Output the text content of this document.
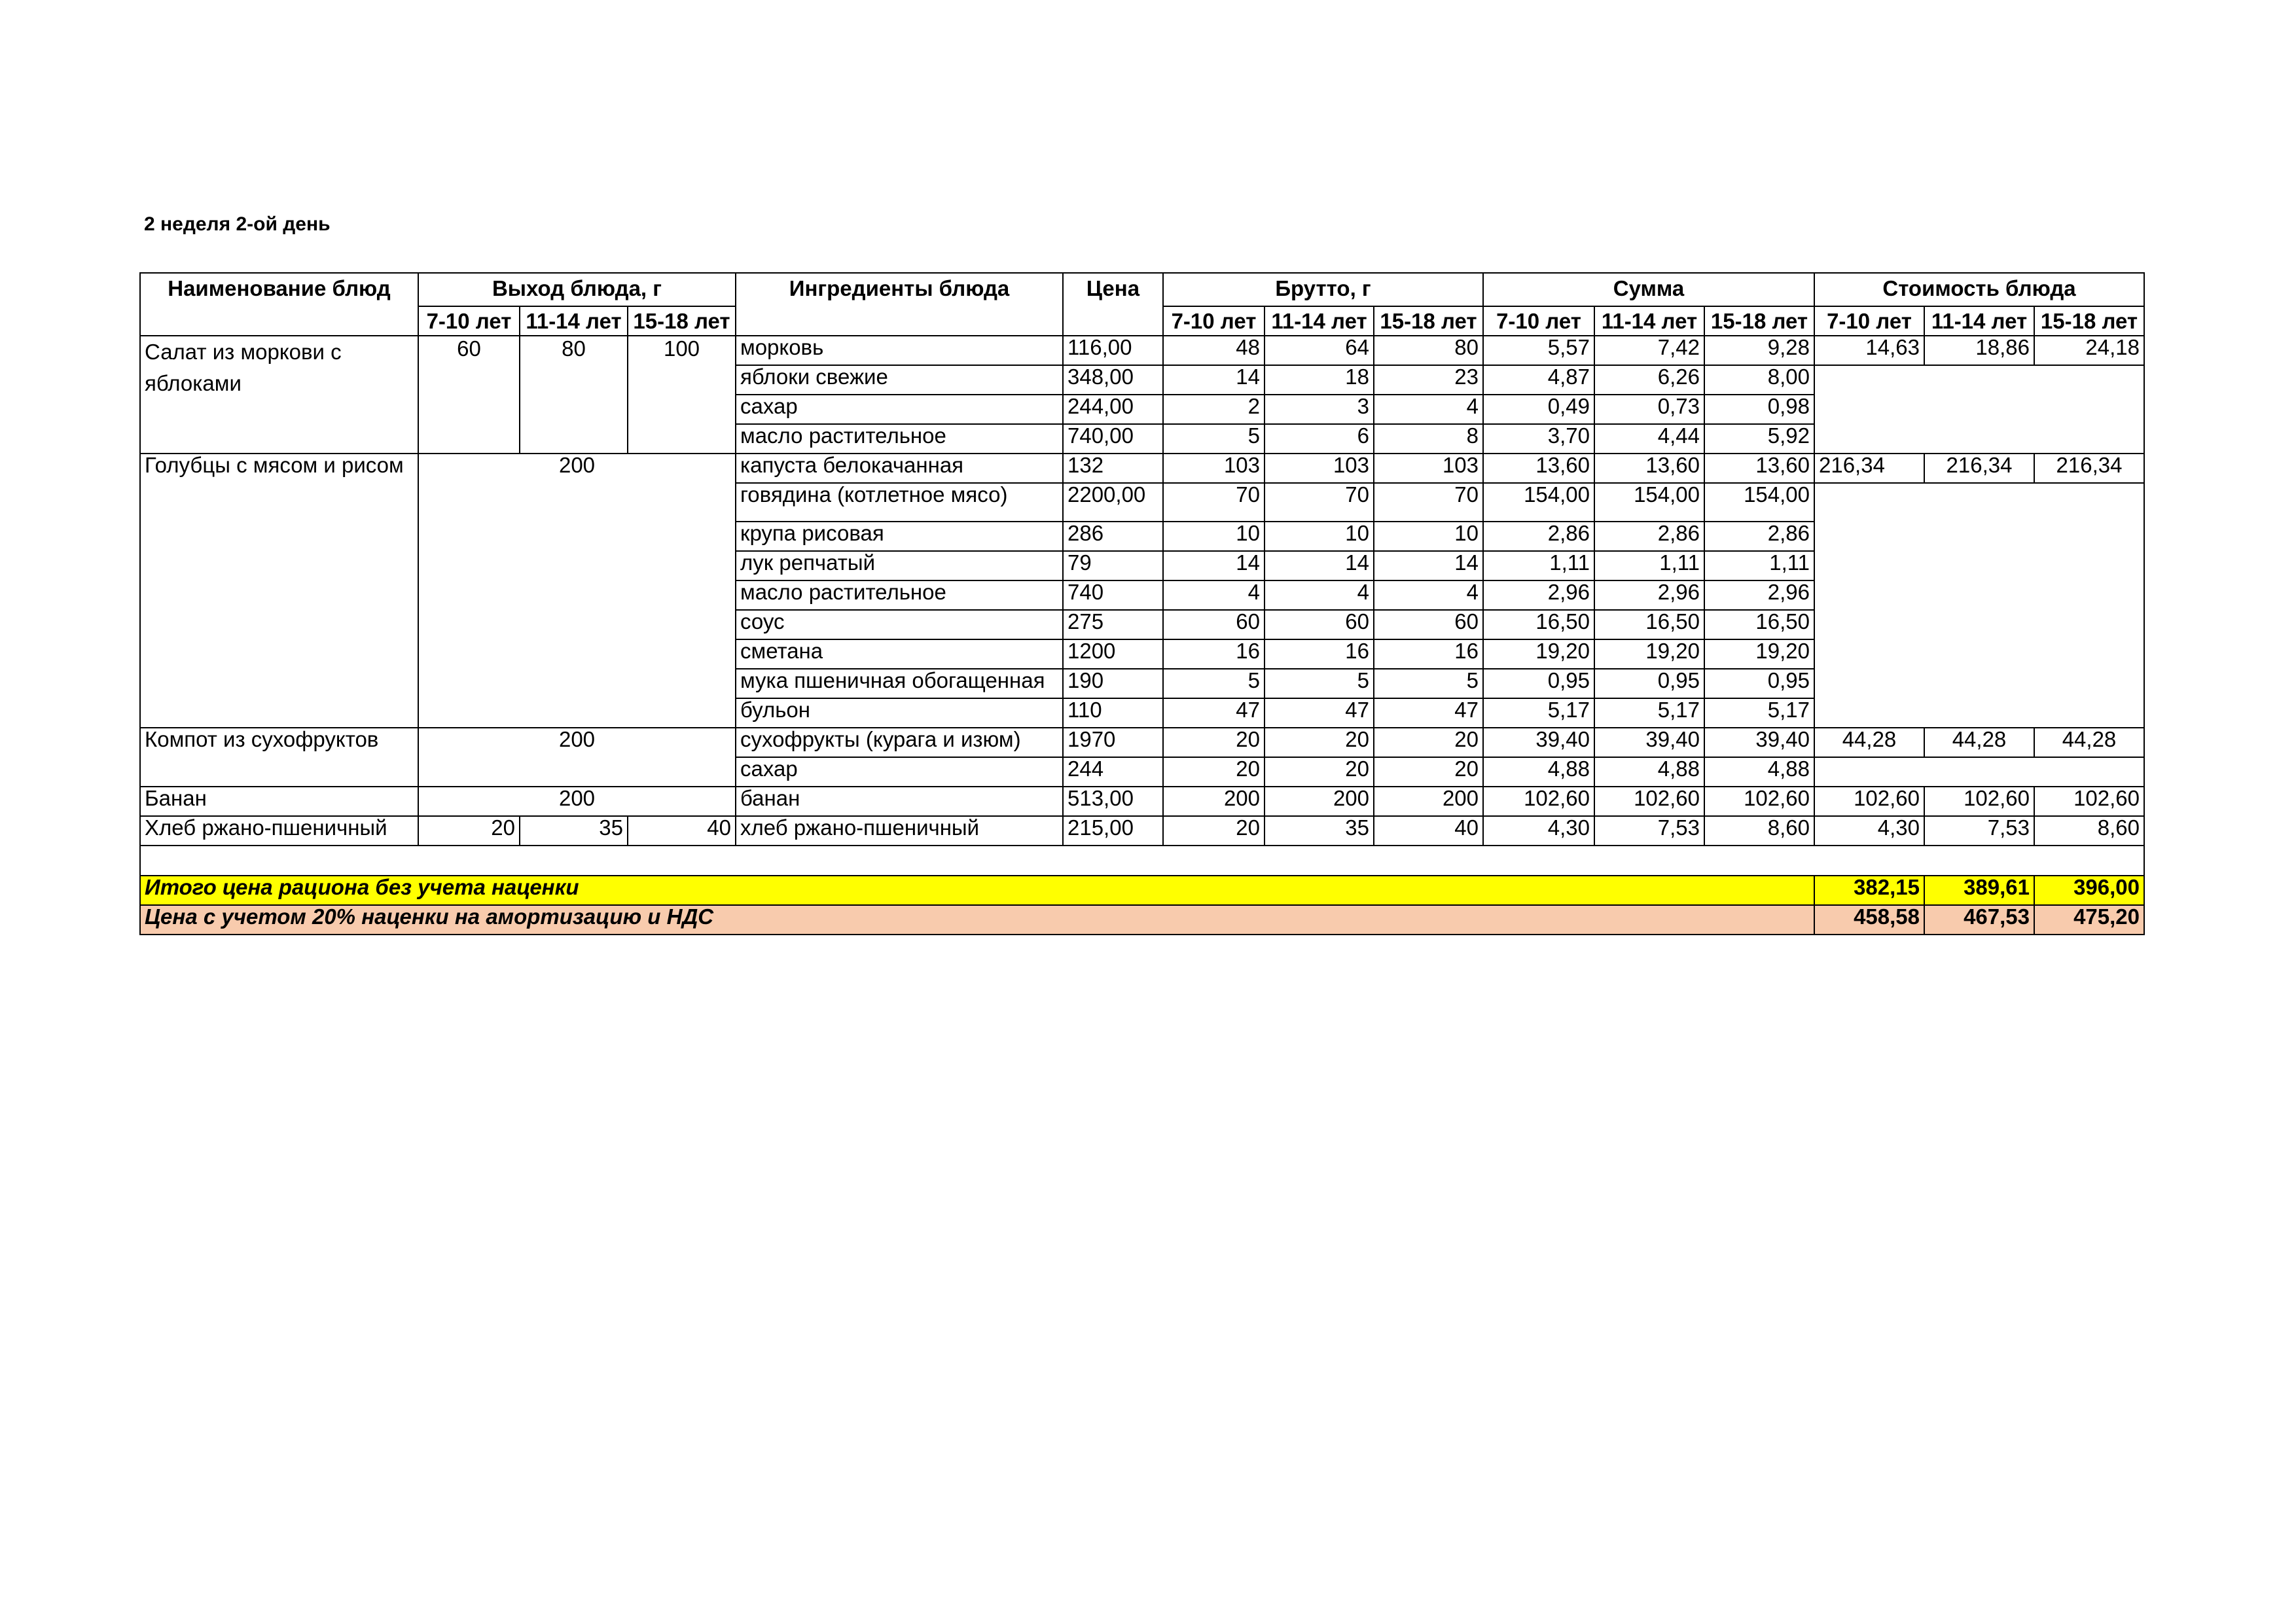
2 неделя 2-ой день
Наименование блюд	Выход блюда, г			Ингредиенты блюда	Цена	Брутто, г			Сумма			Стоимость блюда		
	7-10 лет	11-14 лет	15-18 лет			7-10 лет	11-14 лет	15-18 лет	7-10 лет	11-14 лет	15-18 лет	7-10 лет	11-14 лет	15-18 лет
Салат из моркови с яблоками	60	80	100	морковь	116,00	48	64	80	5,57	7,42	9,28	14,63	18,86	24,18
				яблоки свежие	348,00	14	18	23	4,87	6,26	8,00			
				сахар	244,00	2	3	4	0,49	0,73	0,98			
				масло растительное	740,00	5	6	8	3,70	4,44	5,92			
Голубцы с мясом и рисом	200			капуста белокачанная	132	103	103	103	13,60	13,60	13,60	216,34	216,34	216,34
				говядина (котлетное мясо)	2200,00	70	70	70	154,00	154,00	154,00			
				крупа рисовая	286	10	10	10	2,86	2,86	2,86			
				лук репчатый	79	14	14	14	1,11	1,11	1,11			
				масло растительное	740	4	4	4	2,96	2,96	2,96			
				соус	275	60	60	60	16,50	16,50	16,50			
				сметана	1200	16	16	16	19,20	19,20	19,20			
				мука пшеничная обогащенная	190	5	5	5	0,95	0,95	0,95			
				бульон	110	47	47	47	5,17	5,17	5,17			
Компот из сухофруктов	200			сухофрукты (курага и изюм)	1970	20	20	20	39,40	39,40	39,40	44,28	44,28	44,28
				сахар	244	20	20	20	4,88	4,88	4,88			
Банан	200			банан	513,00	200	200	200	102,60	102,60	102,60	102,60	102,60	102,60
Хлеб ржано-пшеничный	20	35	40	хлеб ржано-пшеничный	215,00	20	35	40	4,30	7,53	8,60	4,30	7,53	8,60

Итого цена рациона без учета наценки												382,15	389,61	396,00
Цена с учетом 20% наценки на амортизацию и НДС												458,58	467,53	475,20
